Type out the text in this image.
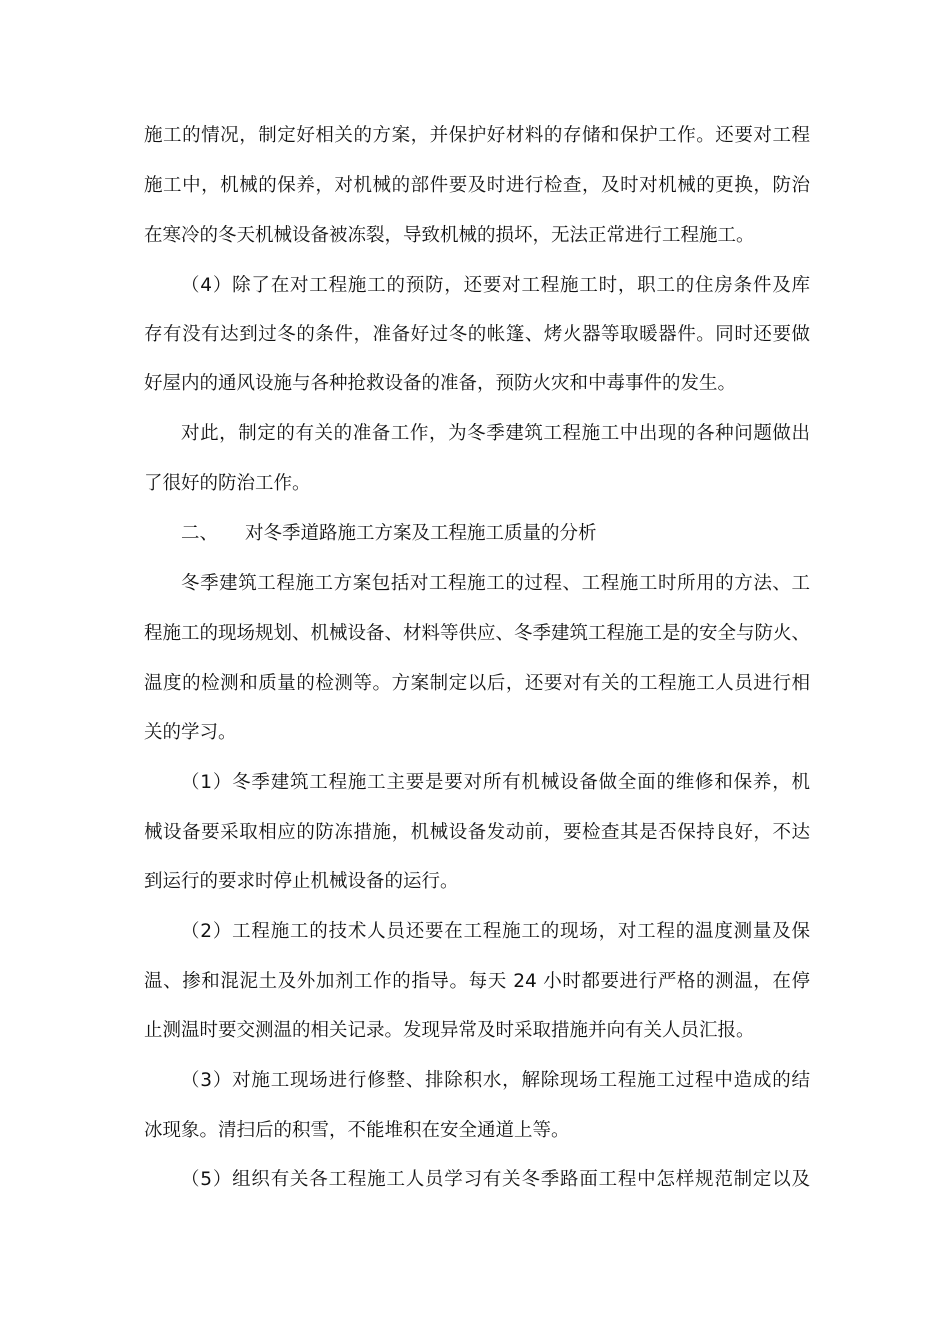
施工的情况，制定好相关的方案，并保护好材料的存储和保护工作。还要对工程
施工中，机械的保养，对机械的部件要及时进行检查，及时对机械的更换，防治
在寒冷的冬天机械设备被冻裂，导致机械的损坏，无法正常进行工程施工。
（4）除了在对工程施工的预防，还要对工程施工时，职工的住房条件及库
存有没有达到过冬的条件，准备好过冬的帐篷、烤火器等取暖器件。同时还要做
好屋内的通风设施与各种抢救设备的准备，预防火灾和中毒事件的发生。
对此，制定的有关的准备工作，为冬季建筑工程施工中出现的各种问题做出
了很好的防治工作。
二、 对冬季道路施工方案及工程施工质量的分析
冬季建筑工程施工方案包括对工程施工的过程、工程施工时所用的方法、工
程施工的现场规划、机械设备、材料等供应、冬季建筑工程施工是的安全与防火、
温度的检测和质量的检测等。方案制定以后，还要对有关的工程施工人员进行相
关的学习。
（1）冬季建筑工程施工主要是要对所有机械设备做全面的维修和保养，机
械设备要采取相应的防冻措施，机械设备发动前，要检查其是否保持良好，不达
到运行的要求时停止机械设备的运行。
（2）工程施工的技术人员还要在工程施工的现场，对工程的温度测量及保
温、掺和混泥土及外加剂工作的指导。每天 24 小时都要进行严格的测温，在停
止测温时要交测温的相关记录。发现异常及时采取措施并向有关人员汇报。
（3）对施工现场进行修整、排除积水，解除现场工程施工过程中造成的结
冰现象。清扫后的积雪，不能堆积在安全通道上等。
（5）组织有关各工程施工人员学习有关冬季路面工程中怎样规范制定以及
